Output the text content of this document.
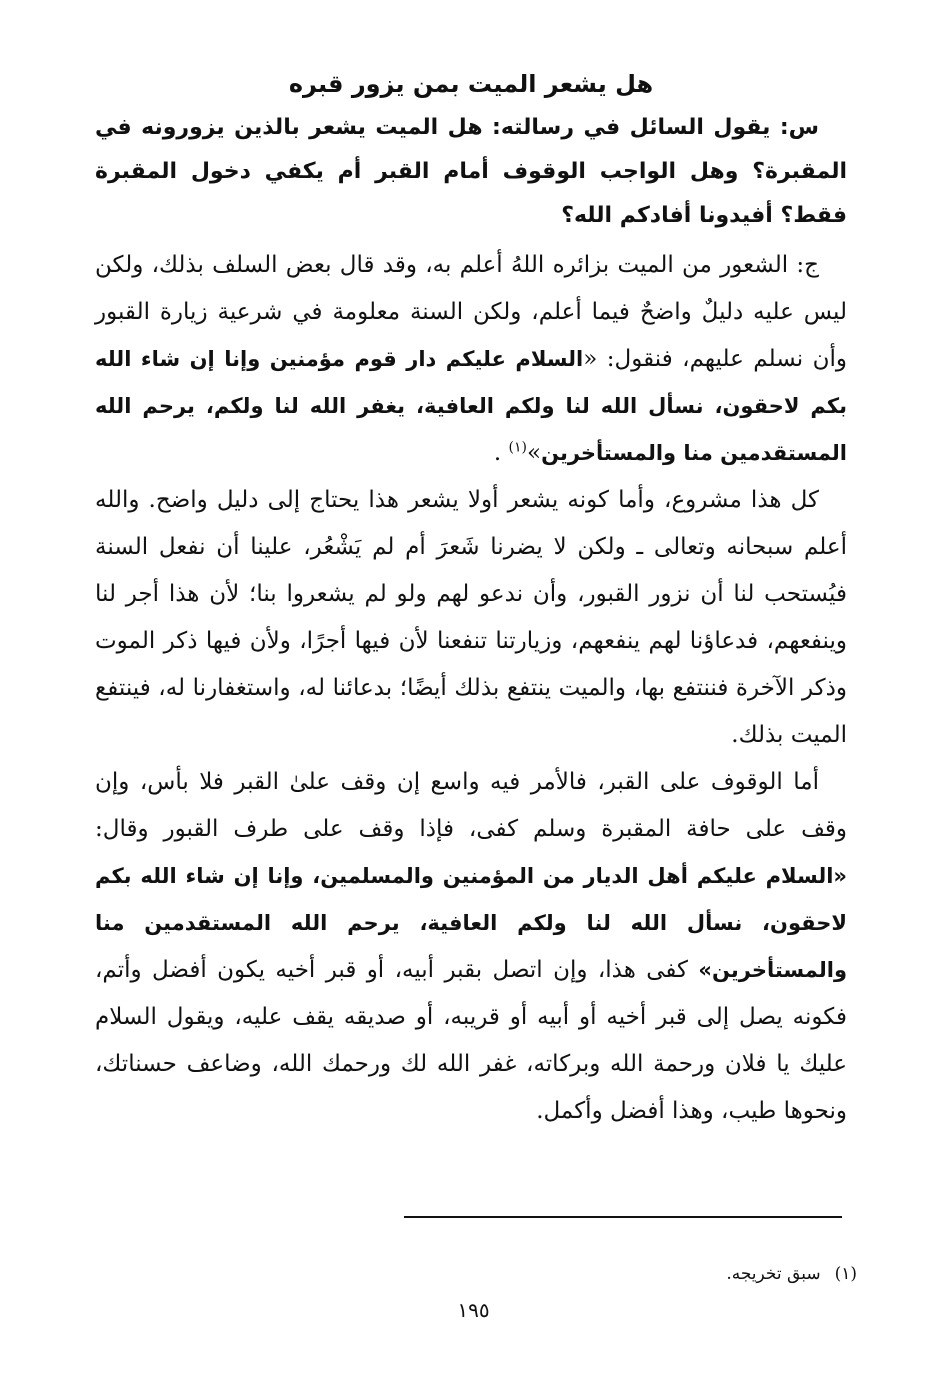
هل يشعر الميت بمن يزور قبره

س: يقول السائل في رسالته: هل الميت يشعر بالذين يزورونه في المقبرة؟ وهل الواجب الوقوف أمام القبر أم يكفي دخول المقبرة فقط؟ أفيدونا أفادكم الله؟

ج: الشعور من الميت بزائره اللهُ أعلم به، وقد قال بعض السلف بذلك، ولكن ليس عليه دليلٌ واضحٌ فيما أعلم، ولكن السنة معلومة في شرعية زيارة القبور وأن نسلم عليهم، فنقول: «السلام عليكم دار قوم مؤمنين وإنا إن شاء الله بكم لاحقون، نسأل الله لنا ولكم العافية، يغفر الله لنا ولكم، يرحم الله المستقدمين منا والمستأخرين»$^{(١)}$ .

كل هذا مشروع، وأما كونه يشعر أولا يشعر هذا يحتاج إلى دليل واضح. والله أعلم سبحانه وتعالى ـ ولكن لا يضرنا شَعرَ أم لم يَشْعُر، علينا أن نفعل السنة فيُستحب لنا أن نزور القبور، وأن ندعو لهم ولو لم يشعروا بنا؛ لأن هذا أجر لنا وينفعهم، فدعاؤنا لهم ينفعهم، وزيارتنا تنفعنا لأن فيها أجرًا، ولأن فيها ذكر الموت وذكر الآخرة فننتفع بها، والميت ينتفع بذلك أيضًا؛ بدعائنا له، واستغفارنا له، فينتفع الميت بذلك.

أما الوقوف على القبر، فالأمر فيه واسع إن وقف علىٰ القبر فلا بأس، وإن وقف على حافة المقبرة وسلم كفى، فإذا وقف على طرف القبور وقال: «السلام عليكم أهل الديار من المؤمنين والمسلمين، وإنا إن شاء الله بكم لاحقون، نسأل الله لنا ولكم العافية، يرحم الله المستقدمين منا والمستأخرين» كفى هذا، وإن اتصل بقبر أبيه، أو قبر أخيه يكون أفضل وأتم، فكونه يصل إلى قبر أخيه أو أبيه أو قريبه، أو صديقه يقف عليه، ويقول السلام عليك يا فلان ورحمة الله وبركاته، غفر الله لك ورحمك الله، وضاعف حسناتك، ونحوها طيب، وهذا أفضل وأكمل.

(١)سبق تخريجه.
١٩٥
